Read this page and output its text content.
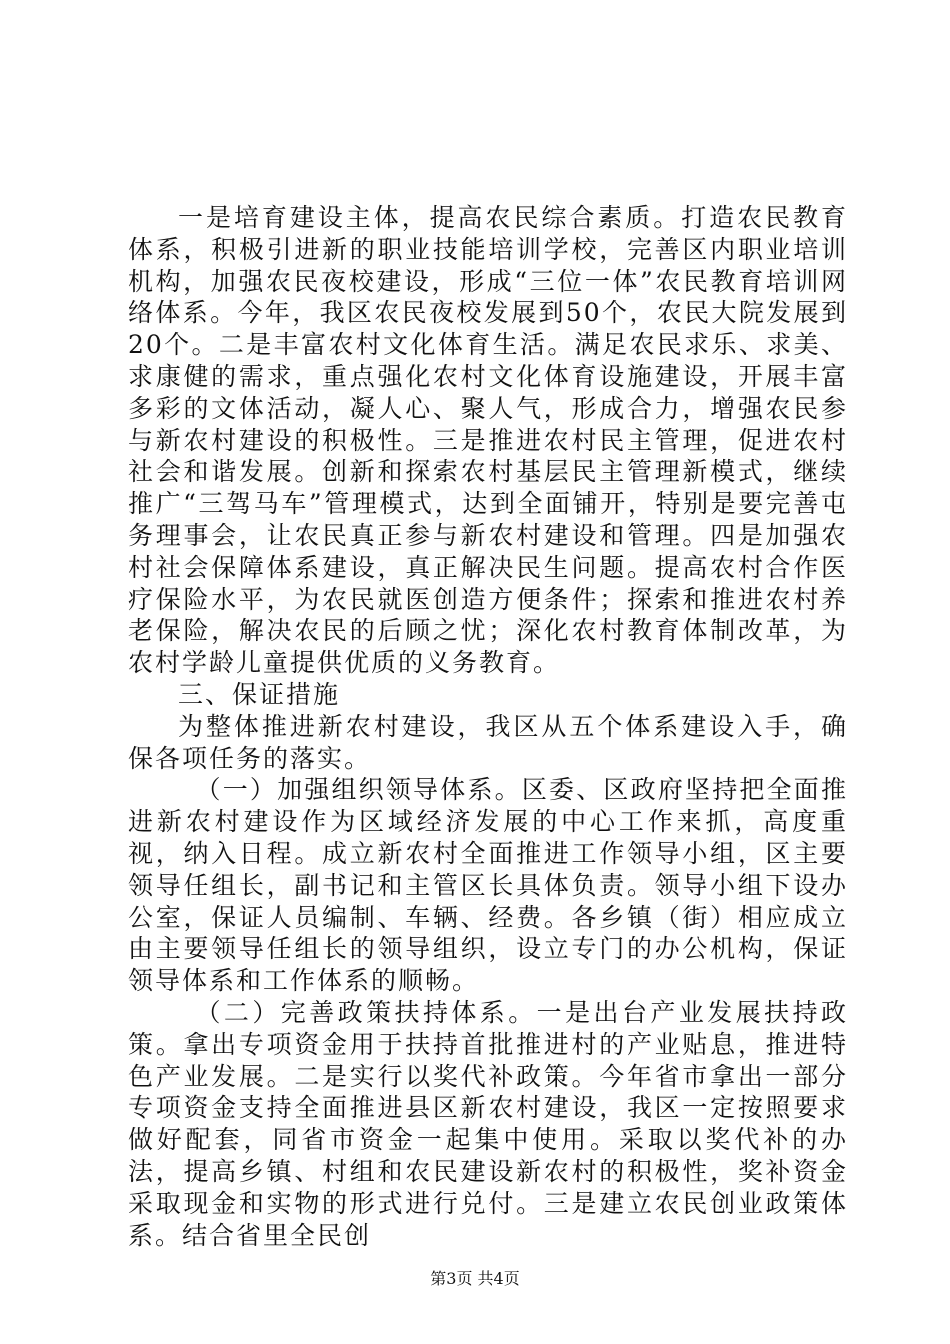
一是培育建设主体，提高农民综合素质。打造农民教育体系，积极引进新的职业技能培训学校，完善区内职业培训机构，加强农民夜校建设，形成“三位一体”农民教育培训网络体系。今年，我区农民夜校发展到50个，农民大院发展到20个。二是丰富农村文化体育生活。满足农民求乐、求美、求康健的需求，重点强化农村文化体育设施建设，开展丰富多彩的文体活动，凝人心、聚人气，形成合力，增强农民参与新农村建设的积极性。三是推进农村民主管理，促进农村社会和谐发展。创新和探索农村基层民主管理新模式，继续推广“三驾马车”管理模式，达到全面铺开，特别是要完善屯务理事会，让农民真正参与新农村建设和管理。四是加强农村社会保障体系建设，真正解决民生问题。提高农村合作医疗保险水平，为农民就医创造方便条件；探索和推进农村养老保险，解决农民的后顾之忧；深化农村教育体制改革，为农村学龄儿童提供优质的义务教育。

三、保证措施

为整体推进新农村建设，我区从五个体系建设入手，确保各项任务的落实。

（一）加强组织领导体系。区委、区政府坚持把全面推进新农村建设作为区域经济发展的中心工作来抓，高度重视，纳入日程。成立新农村全面推进工作领导小组，区主要领导任组长，副书记和主管区长具体负责。领导小组下设办公室，保证人员编制、车辆、经费。各乡镇（街）相应成立由主要领导任组长的领导组织，设立专门的办公机构，保证领导体系和工作体系的顺畅。

（二）完善政策扶持体系。一是出台产业发展扶持政策。拿出专项资金用于扶持首批推进村的产业贴息，推进特色产业发展。二是实行以奖代补政策。今年省市拿出一部分专项资金支持全面推进县区新农村建设，我区一定按照要求做好配套，同省市资金一起集中使用。采取以奖代补的办法，提高乡镇、村组和农民建设新农村的积极性，奖补资金采取现金和实物的形式进行兑付。三是建立农民创业政策体系。结合省里全民创

第3页 共4页
